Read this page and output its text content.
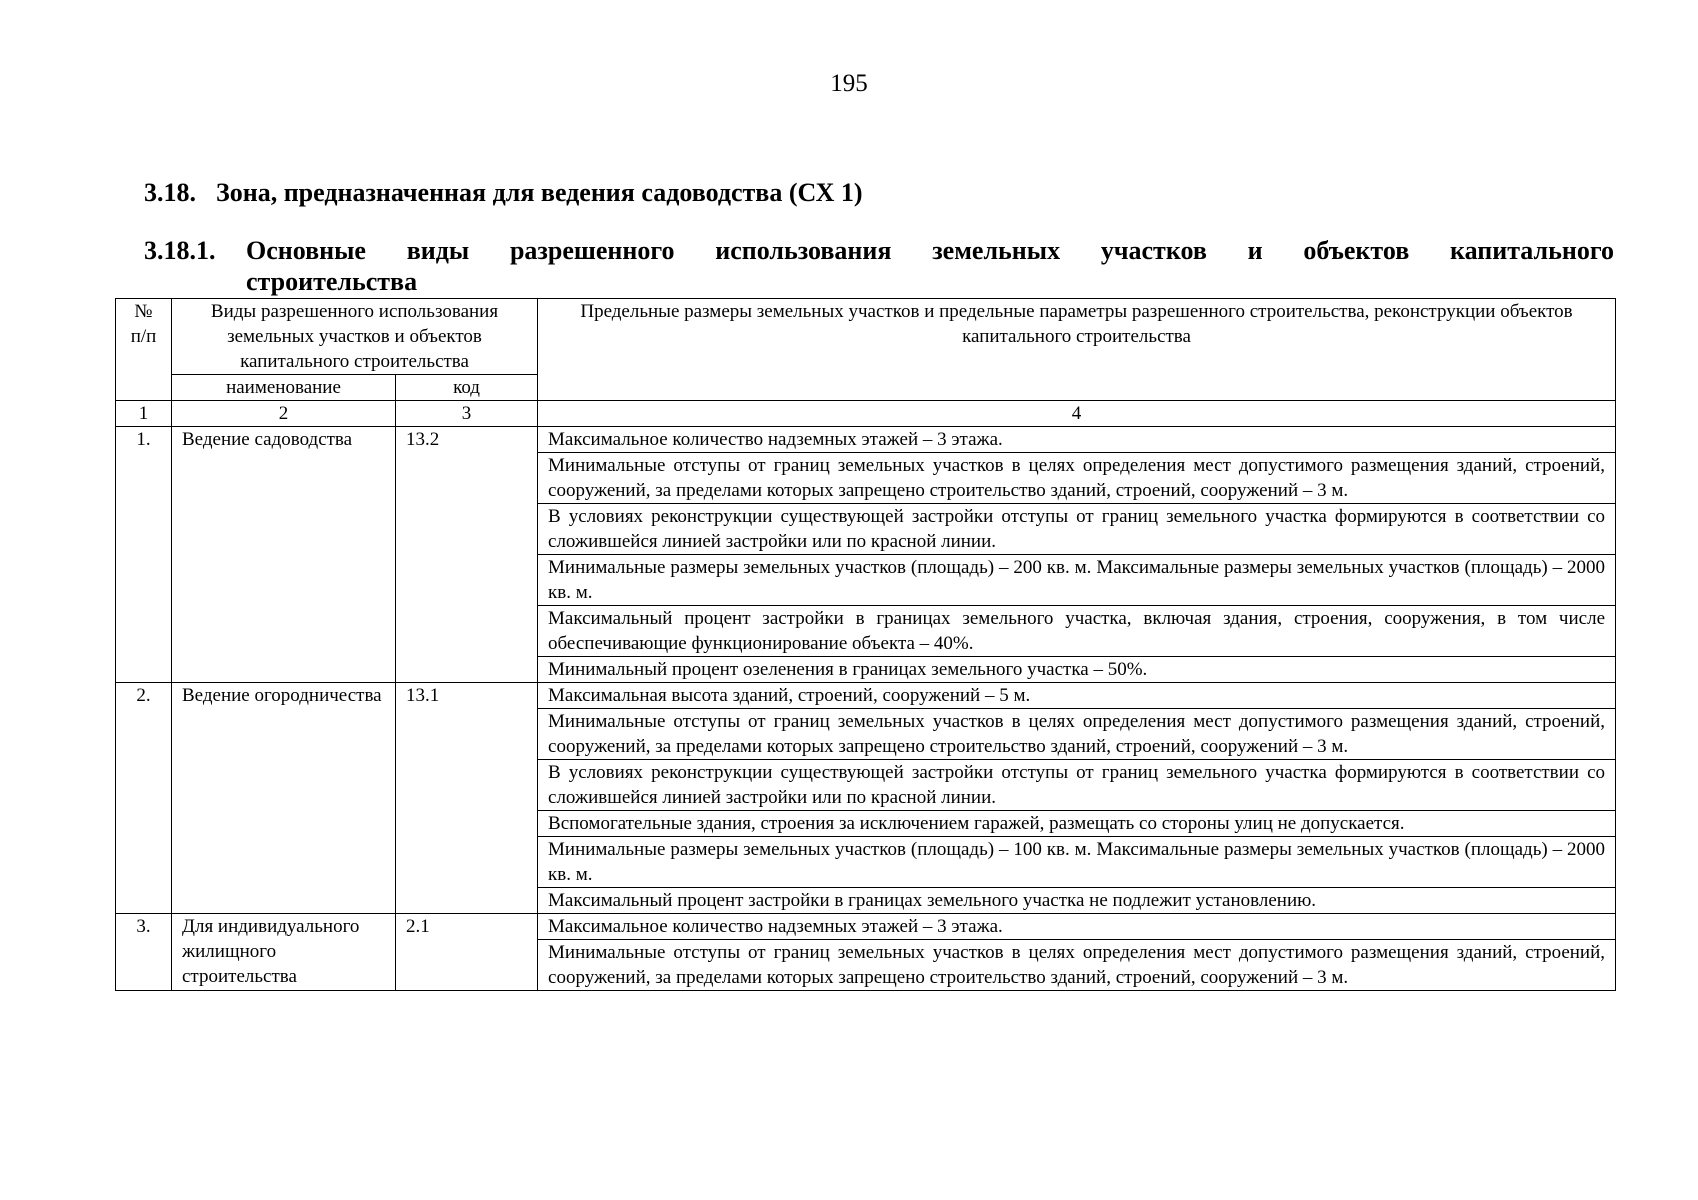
195
3.18. Зона, предназначенная для ведения садоводства (СХ 1)
3.18.1. Основные виды разрешенного использования земельных участков и объектов капитального
строительства
№ п/п	Виды разрешенного использования земельных участков и объектов капитального строительства		Предельные размеры земельных участков и предельные параметры разрешенного строительства, реконструкции объектов капитального строительства
	наименование	код	
1	2	3	4
1.	Ведение садоводства	13.2	Максимальное количество надземных этажей – 3 этажа.
			Минимальные отступы от границ земельных участков в целях определения мест допустимого размещения зданий, строений, сооружений, за пределами которых запрещено строительство зданий, строений, сооружений – 3 м.
			В условиях реконструкции существующей застройки отступы от границ земельного участка формируются в соответствии со сложившейся линией застройки или по красной линии.
			Минимальные размеры земельных участков (площадь) – 200 кв. м. Максимальные размеры земельных участков (площадь) – 2000 кв. м.
			Максимальный процент застройки в границах земельного участка, включая здания, строения, сооружения, в том числе обеспечивающие функционирование объекта – 40%.
			Минимальный процент озеленения в границах земельного участка – 50%.
2.	Ведение огородничества	13.1	Максимальная высота зданий, строений, сооружений – 5 м.
			Минимальные отступы от границ земельных участков в целях определения мест допустимого размещения зданий, строений, сооружений, за пределами которых запрещено строительство зданий, строений, сооружений – 3 м.
			В условиях реконструкции существующей застройки отступы от границ земельного участка формируются в соответствии со сложившейся линией застройки или по красной линии.
			Вспомогательные здания, строения за исключением гаражей, размещать со стороны улиц не допускается.
			Минимальные размеры земельных участков (площадь) – 100 кв. м. Максимальные размеры земельных участков (площадь) – 2000 кв. м.
			Максимальный процент застройки в границах земельного участка не подлежит установлению.
3.	Для индивидуального жилищного строительства	2.1	Максимальное количество надземных этажей – 3 этажа.
			Минимальные отступы от границ земельных участков в целях определения мест допустимого размещения зданий, строений, сооружений, за пределами которых запрещено строительство зданий, строений, сооружений – 3 м.
